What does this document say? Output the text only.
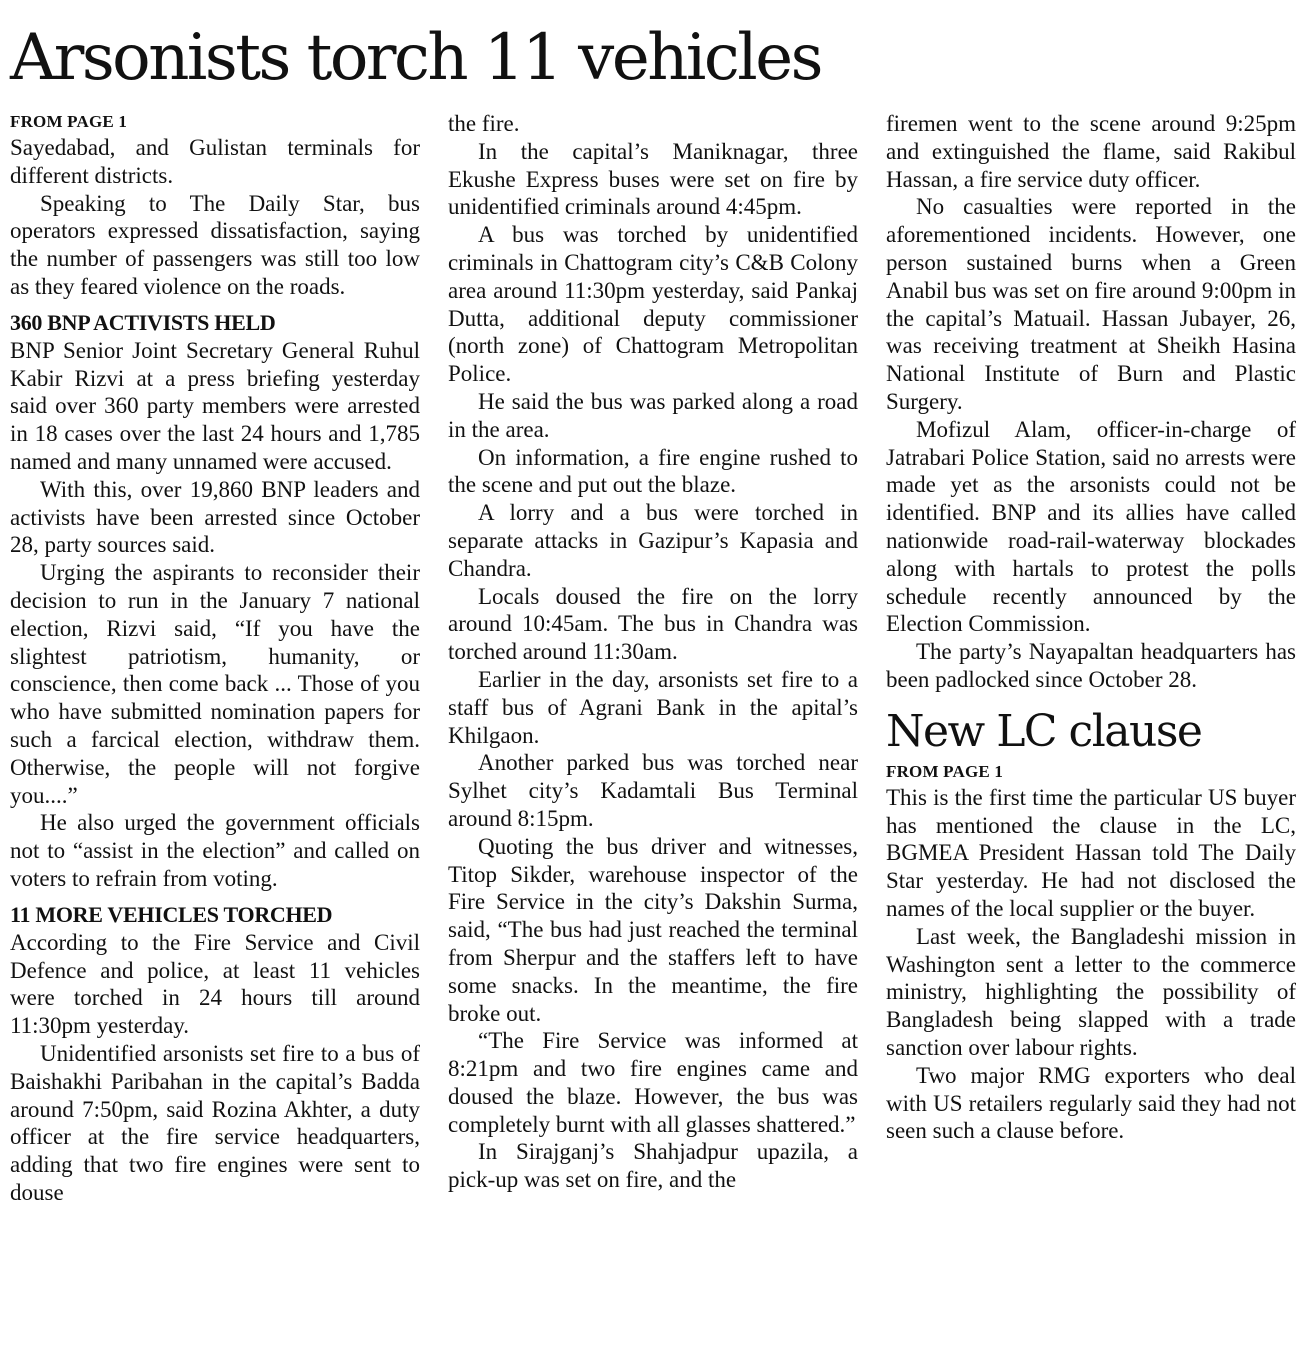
Arsonists torch 11 vehicles
FROM PAGE 1

Sayedabad, and Gulistan terminals for different districts.

Speaking to The Daily Star, bus operators expressed dissatisfaction, saying the number of passengers was still too low as they feared violence on the roads.

360 BNP ACTIVISTS HELD

BNP Senior Joint Secretary General Ruhul Kabir Rizvi at a press briefing yesterday said over 360 party members were arrested in 18 cases over the last 24 hours and 1,785 named and many unnamed were accused.

With this, over 19,860 BNP leaders and activists have been arrested since October 28, party sources said.

Urging the aspirants to reconsider their decision to run in the January 7 national election, Rizvi said, “If you have the slightest patriotism, humanity, or conscience, then come back ... Those of you who have submitted nomination papers for such a farcical election, withdraw them. Otherwise, the people will not forgive you....”

He also urged the government officials not to “assist in the election” and called on voters to refrain from voting.

11 MORE VEHICLES TORCHED

According to the Fire Service and Civil Defence and police, at least 11 vehicles were torched in 24 hours till around 11:30pm yesterday.

Unidentified arsonists set fire to a bus of Baishakhi Paribahan in the capital’s Badda around 7:50pm, said Rozina Akhter, a duty officer at the fire service headquarters, adding that two fire engines were sent to douse

the fire.

In the capital’s Maniknagar, three Ekushe Express buses were set on fire by unidentified criminals around 4:45pm.

A bus was torched by unidentified criminals in Chattogram city’s C&B Colony area around 11:30pm yesterday, said Pankaj Dutta, additional deputy commissioner (north zone) of Chattogram Metropolitan Police.

He said the bus was parked along a road in the area.

On information, a fire engine rushed to the scene and put out the blaze.

A lorry and a bus were torched in separate attacks in Gazipur’s Kapasia and Chandra.

Locals doused the fire on the lorry around 10:45am. The bus in Chandra was torched around 11:30am.

Earlier in the day, arsonists set fire to a staff bus of Agrani Bank in the apital’s Khilgaon.

Another parked bus was torched near Sylhet city’s Kadamtali Bus Terminal around 8:15pm.

Quoting the bus driver and witnesses, Titop Sikder, warehouse inspector of the Fire Service in the city’s Dakshin Surma, said, “The bus had just reached the terminal from Sherpur and the staffers left to have some snacks. In the meantime, the fire broke out.

“The Fire Service was informed at 8:21pm and two fire engines came and doused the blaze. However, the bus was completely burnt with all glasses shattered.”

In Sirajganj’s Shahjadpur upazila, a pick-up was set on fire, and the

firemen went to the scene around 9:25pm and extinguished the flame, said Rakibul Hassan, a fire service duty officer.

No casualties were reported in the aforementioned incidents. However, one person sustained burns when a Green Anabil bus was set on fire around 9:00pm in the capital’s Matuail. Hassan Jubayer, 26, was receiving treatment at Sheikh Hasina National Institute of Burn and Plastic Surgery.

Mofizul Alam, officer-in-charge of Jatrabari Police Station, said no arrests were made yet as the arsonists could not be identified. BNP and its allies have called nationwide road-rail-waterway blockades along with hartals to protest the polls schedule recently announced by the Election Commission.

The party’s Nayapaltan headquarters has been padlocked since October 28.

New LC clause
FROM PAGE 1

This is the first time the particular US buyer has mentioned the clause in the LC, BGMEA President Hassan told The Daily Star yesterday. He had not disclosed the names of the local supplier or the buyer.

Last week, the Bangladeshi mission in Washington sent a letter to the commerce ministry, highlighting the possibility of Bangladesh being slapped with a trade sanction over labour rights.

Two major RMG exporters who deal with US retailers regularly said they had not seen such a clause before.
